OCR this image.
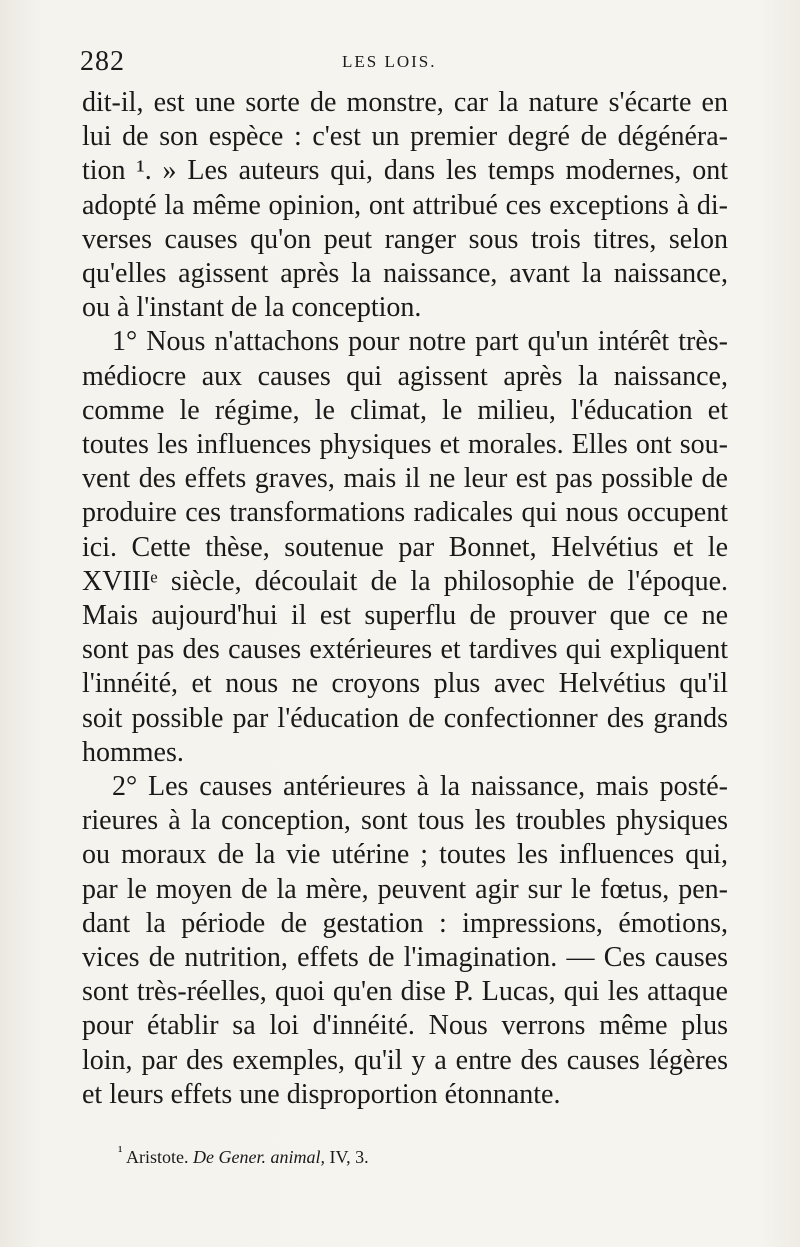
282	LES LOIS.
dit-il, est une sorte de monstre, car la nature s'écarte en
lui de son espèce : c'est un premier degré de dégénéra-
tion ¹. » Les auteurs qui, dans les temps modernes, ont
adopté la même opinion, ont attribué ces exceptions à di-
verses causes qu'on peut ranger sous trois titres, selon
qu'elles agissent après la naissance, avant la naissance,
ou à l'instant de la conception.
1° Nous n'attachons pour notre part qu'un intérêt très-
médiocre aux causes qui agissent après la naissance,
comme le régime, le climat, le milieu, l'éducation et
toutes les influences physiques et morales. Elles ont sou-
vent des effets graves, mais il ne leur est pas possible de
produire ces transformations radicales qui nous occupent
ici. Cette thèse, soutenue par Bonnet, Helvétius et le
XVIIIᵉ siècle, découlait de la philosophie de l'époque.
Mais aujourd'hui il est superflu de prouver que ce ne
sont pas des causes extérieures et tardives qui expliquent
l'innéité, et nous ne croyons plus avec Helvétius qu'il
soit possible par l'éducation de confectionner des grands
hommes.
2° Les causes antérieures à la naissance, mais posté-
rieures à la conception, sont tous les troubles physiques
ou moraux de la vie utérine ; toutes les influences qui,
par le moyen de la mère, peuvent agir sur le fœtus, pen-
dant la période de gestation : impressions, émotions,
vices de nutrition, effets de l'imagination. — Ces causes
sont très-réelles, quoi qu'en dise P. Lucas, qui les attaque
pour établir sa loi d'innéité. Nous verrons même plus
loin, par des exemples, qu'il y a entre des causes légères
et leurs effets une disproportion étonnante.
$^{^1}$ Aristote. De Gener. animal, IV, 3.
